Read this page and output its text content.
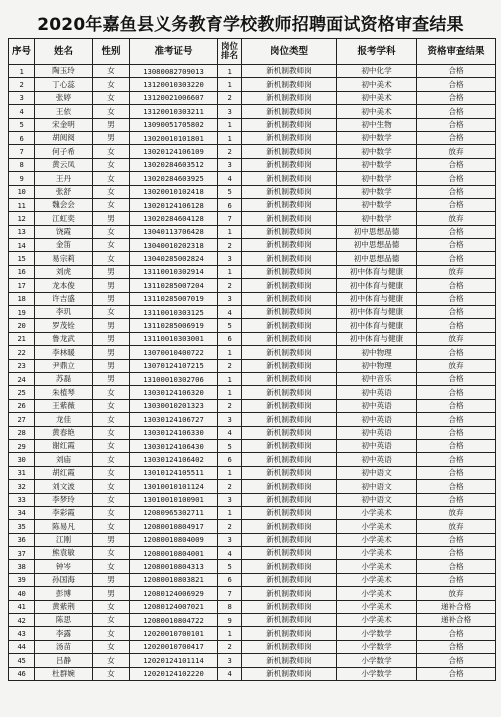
2020年嘉鱼县义务教育学校教师招聘面试资格审查结果
序号	姓名	性别	准考证号	岗位排名	岗位类型	报考学科	资格审查结果
1	陶玉玲	女	13080082709013	1	新机制教师岗	初中化学	合格
2	丁心蕊	女	13120010303220	1	新机制教师岗	初中美术	合格
3	张婷	女	13120021006607	2	新机制教师岗	初中美术	合格
4	王依	女	13120010303211	3	新机制教师岗	初中美术	合格
5	宋金明	男	13090051705802	1	新机制教师岗	初中生物	合格
6	胡阅阅	男	13020010101801	1	新机制教师岗	初中数学	合格
7	何子希	女	13020124106109	2	新机制教师岗	初中数学	放弃
8	黄云凤	女	13020284603512	3	新机制教师岗	初中数学	合格
9	王丹	女	13020284603925	4	新机制教师岗	初中数学	合格
10	张舒	女	13020010102418	5	新机制教师岗	初中数学	合格
11	魏会会	女	13020124106128	6	新机制教师岗	初中数学	合格
12	江虹奕	男	13020284604128	7	新机制教师岗	初中数学	放弃
13	饶霞	女	13040113706428	1	新机制教师岗	初中思想品德	合格
14	金笛	女	13040010202318	2	新机制教师岗	初中思想品德	合格
15	易宗莉	女	13040285002824	3	新机制教师岗	初中思想品德	合格
16	刘虎	男	13110010302914	1	新机制教师岗	初中体育与健康	放弃
17	龙本俊	男	13110285007204	2	新机制教师岗	初中体育与健康	合格
18	许吉盛	男	13110285007019	3	新机制教师岗	初中体育与健康	合格
19	李玑	女	13110010303125	4	新机制教师岗	初中体育与健康	合格
20	罗茂铨	男	13110285006919	5	新机制教师岗	初中体育与健康	合格
21	鲁龙武	男	13110010303001	6	新机制教师岗	初中体育与健康	放弃
22	李林暖	男	13070010400722	1	新机制教师岗	初中物理	合格
23	尹鼎立	男	13070124107215	2	新机制教师岗	初中物理	放弃
24	苏磊	男	13100010302706	1	新机制教师岗	初中音乐	合格
25	朱植琴	女	13030124106320	1	新机制教师岗	初中英语	合格
26	王紫薇	女	13030010201323	2	新机制教师岗	初中英语	合格
27	龙佳	女	13030124106727	3	新机制教师岗	初中英语	合格
28	黄春艳	女	13030124106330	4	新机制教师岗	初中英语	合格
29	谢红霞	女	13030124106430	5	新机制教师岗	初中英语	合格
30	刘庙	女	13030124106402	6	新机制教师岗	初中英语	合格
31	胡红霞	女	13010124105511	1	新机制教师岗	初中语文	合格
32	刘文波	女	13010010101124	2	新机制教师岗	初中语文	合格
33	李梦玲	女	13010010100901	3	新机制教师岗	初中语文	合格
34	李彩霞	女	12080965302711	1	新机制教师岗	小学美术	放弃
35	陈易凡	女	12080010804917	2	新机制教师岗	小学美术	放弃
36	江刚	男	12080010804009	3	新机制教师岗	小学美术	合格
37	熊袁敏	女	12080010804001	4	新机制教师岗	小学美术	合格
38	钟岑	女	12080010804313	5	新机制教师岗	小学美术	合格
39	孙国海	男	12080010803821	6	新机制教师岗	小学美术	合格
40	彭博	男	12080124006929	7	新机制教师岗	小学美术	放弃
41	黄紫荆	女	12080124007021	8	新机制教师岗	小学美术	递补合格
42	陈思	女	12080010804722	9	新机制教师岗	小学美术	递补合格
43	李露	女	12020010700101	1	新机制教师岗	小学数学	合格
44	汤苗	女	12020010700417	2	新机制教师岗	小学数学	合格
45	吕静	女	12020124101114	3	新机制教师岗	小学数学	合格
46	杜群婉	女	12020124102220	4	新机制教师岗	小学数学	合格
